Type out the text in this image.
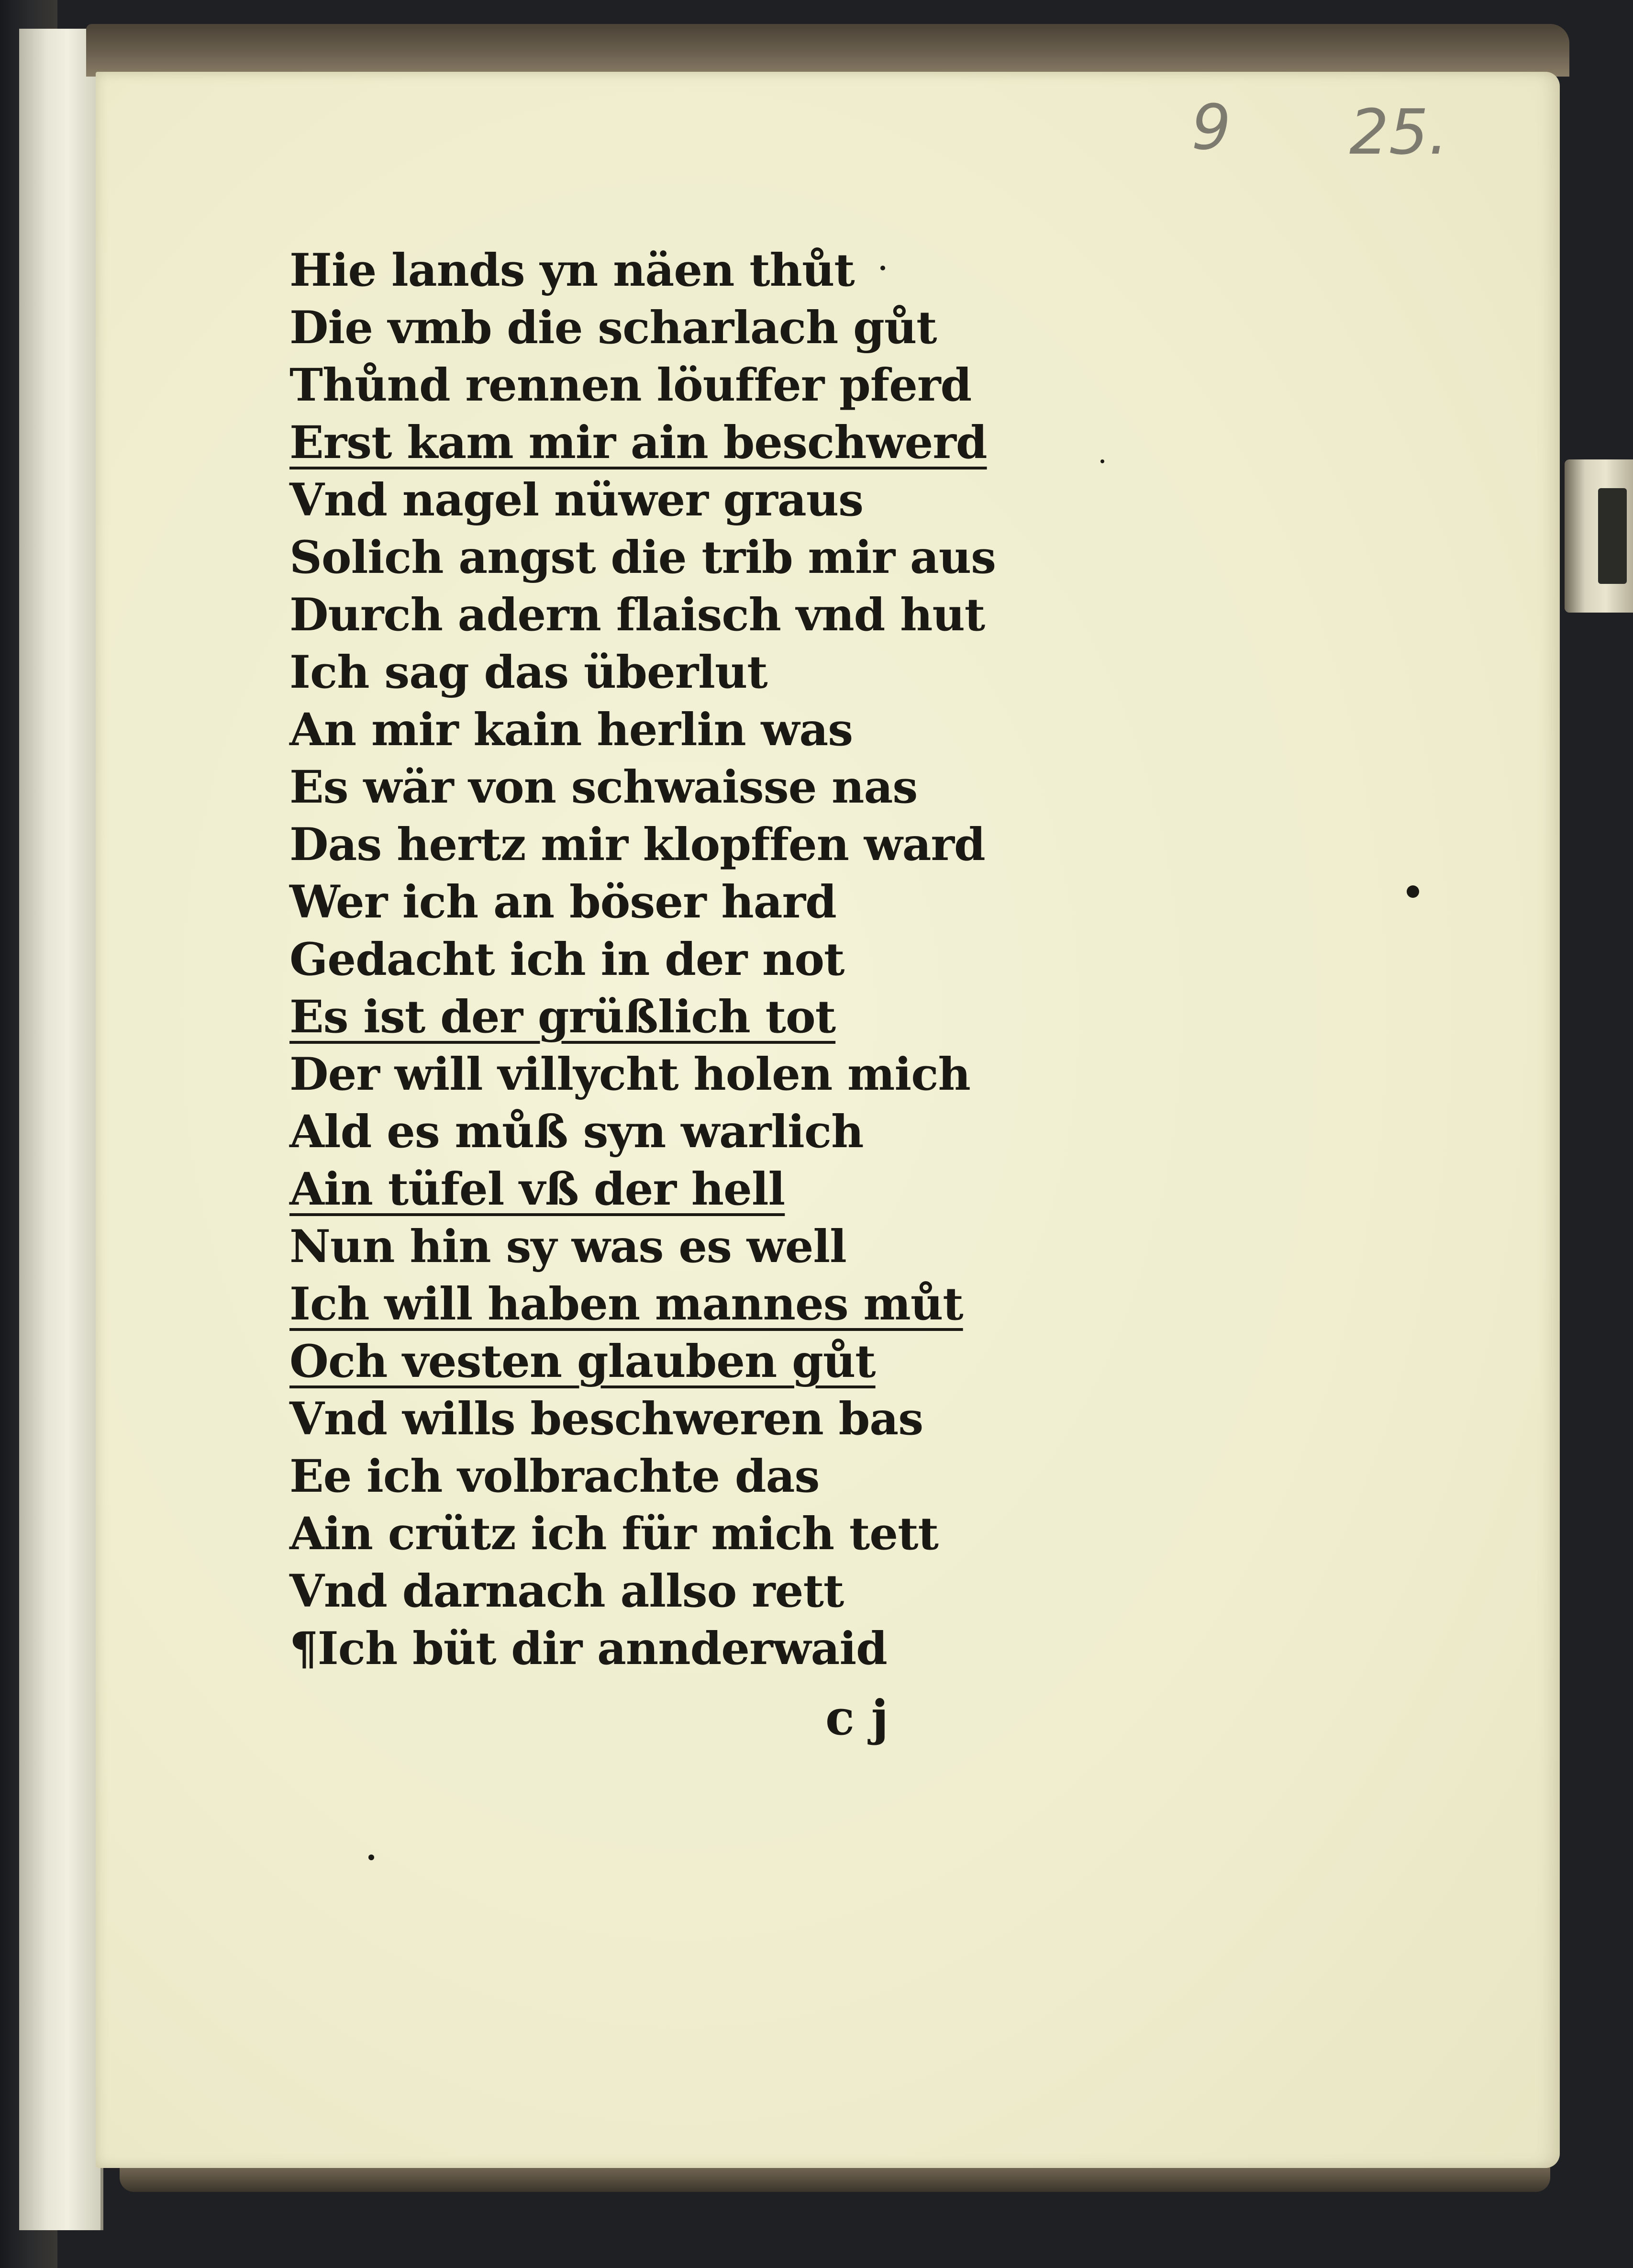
9 25.
Hie lands yn näen thůt
Die vmb die scharlach gůt
Thůnd rennen löuffer pferd
Erst kam mir ain beschwerd
Vnd nagel nüwer graus
Solich angst die trib mir aus
Durch adern flaisch vnd hut
Ich sag das überlut
An mir kain herlin was
Es wär von schwaisse nas
Das hertz mir klopffen ward
Wer ich an böser hard
Gedacht ich in der not
Es ist der grüßlich tot
Der will villycht holen mich
Ald es můß syn warlich
Ain tüfel vß der hell
Nun hin sy was es well
Ich will haben mannes můt
Och vesten glauben gůt
Vnd wills beschweren bas
Ee ich volbrachte das
Ain crütz ich für mich tett
Vnd darnach allso rett
¶Ich büt dir annderwaid
c j
